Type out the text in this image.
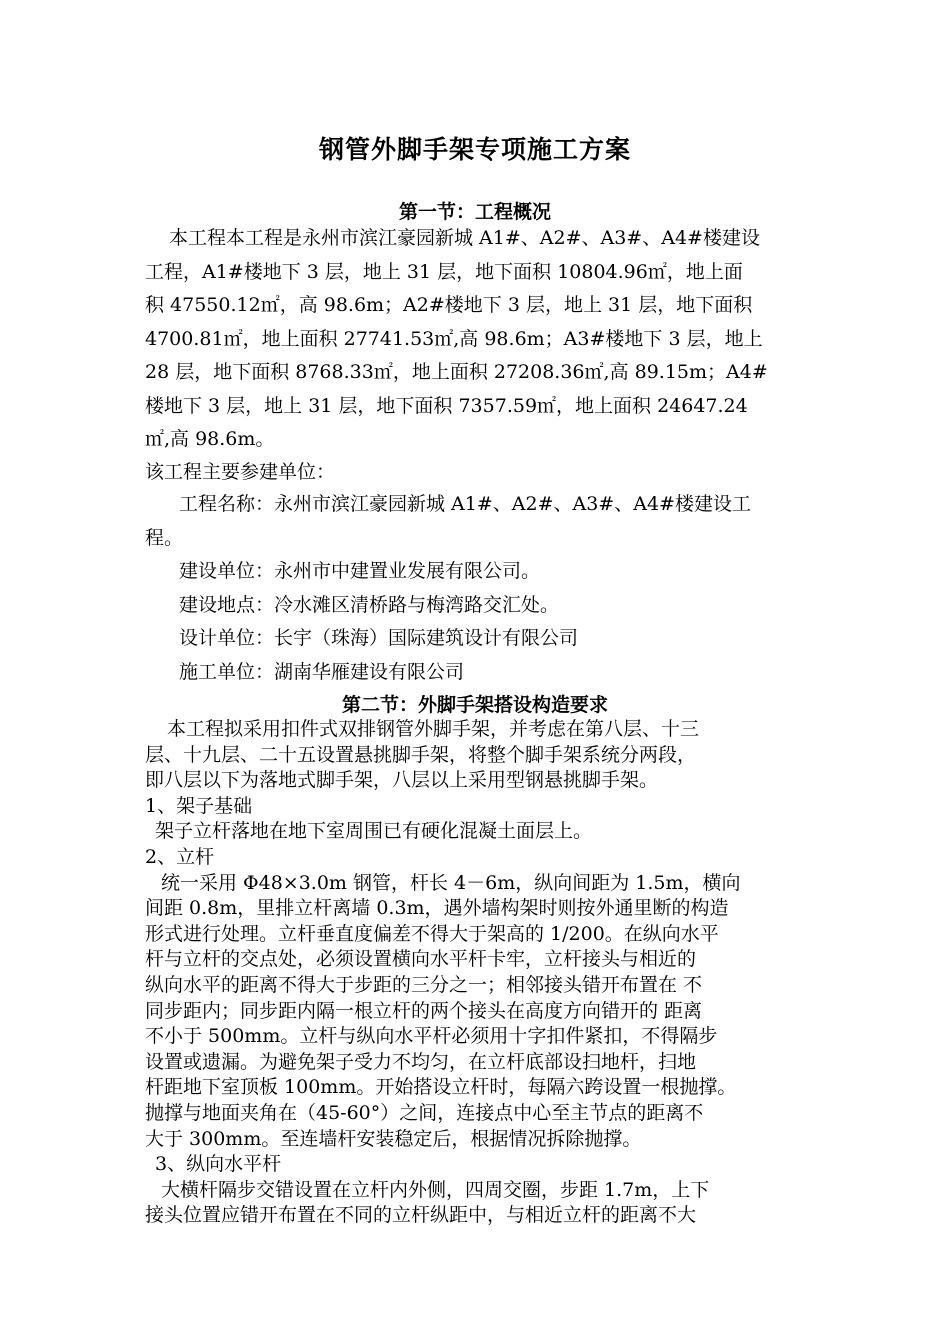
钢管外脚手架专项施工方案
第一节：工程概况

本工程本工程是永州市滨江豪园新城 A1#、A2#、A3#、A4#楼建设

工程，A1#楼地下 3 层，地上 31 层，地下面积 10804.96㎡，地上面

积 47550.12㎡，高 98.6m；A2#楼地下 3 层，地上 31 层，地下面积

4700.81㎡，地上面积 27741.53㎡,高 98.6m；A3#楼地下 3 层，地上

28 层，地下面积 8768.33㎡，地上面积 27208.36㎡,高 89.15m；A4#

楼地下 3 层，地上 31 层，地下面积 7357.59㎡，地上面积 24647.24

㎡,高 98.6m。

该工程主要参建单位：

工程名称：永州市滨江豪园新城 A1#、A2#、A3#、A4#楼建设工

程。

建设单位：永州市中建置业发展有限公司。

建设地点：冷水滩区清桥路与梅湾路交汇处。

设计单位：长宇（珠海）国际建筑设计有限公司

施工单位：湖南华雁建设有限公司

第二节：外脚手架搭设构造要求

本工程拟采用扣件式双排钢管外脚手架，并考虑在第八层、十三

层、十九层、二十五设置悬挑脚手架，将整个脚手架系统分两段，

即八层以下为落地式脚手架，八层以上采用型钢悬挑脚手架。

1、架子基础

架子立杆落地在地下室周围已有硬化混凝土面层上。

2、立杆

统一采用 Φ48×3.0m 钢管，杆长 4－6m，纵向间距为 1.5m，横向

间距 0.8m，里排立杆离墙 0.3m，遇外墙构架时则按外通里断的构造

形式进行处理。立杆垂直度偏差不得大于架高的 1/200。在纵向水平

杆与立杆的交点处，必须设置横向水平杆卡牢，立杆接头与相近的

纵向水平的距离不得大于步距的三分之一；相邻接头错开布置在 不

同步距内；同步距内隔一根立杆的两个接头在高度方向错开的 距离

不小于 500mm。立杆与纵向水平杆必须用十字扣件紧扣，不得隔步

设置或遗漏。为避免架子受力不均匀，在立杆底部设扫地杆，扫地

杆距地下室顶板 100mm。开始搭设立杆时，每隔六跨设置一根抛撑。

抛撑与地面夹角在（45-60°）之间，连接点中心至主节点的距离不

大于 300mm。至连墙杆安装稳定后，根据情况拆除抛撑。

3、纵向水平杆

大横杆隔步交错设置在立杆内外侧，四周交圈，步距 1.7m，上下

接头位置应错开布置在不同的立杆纵距中，与相近立杆的距离不大
